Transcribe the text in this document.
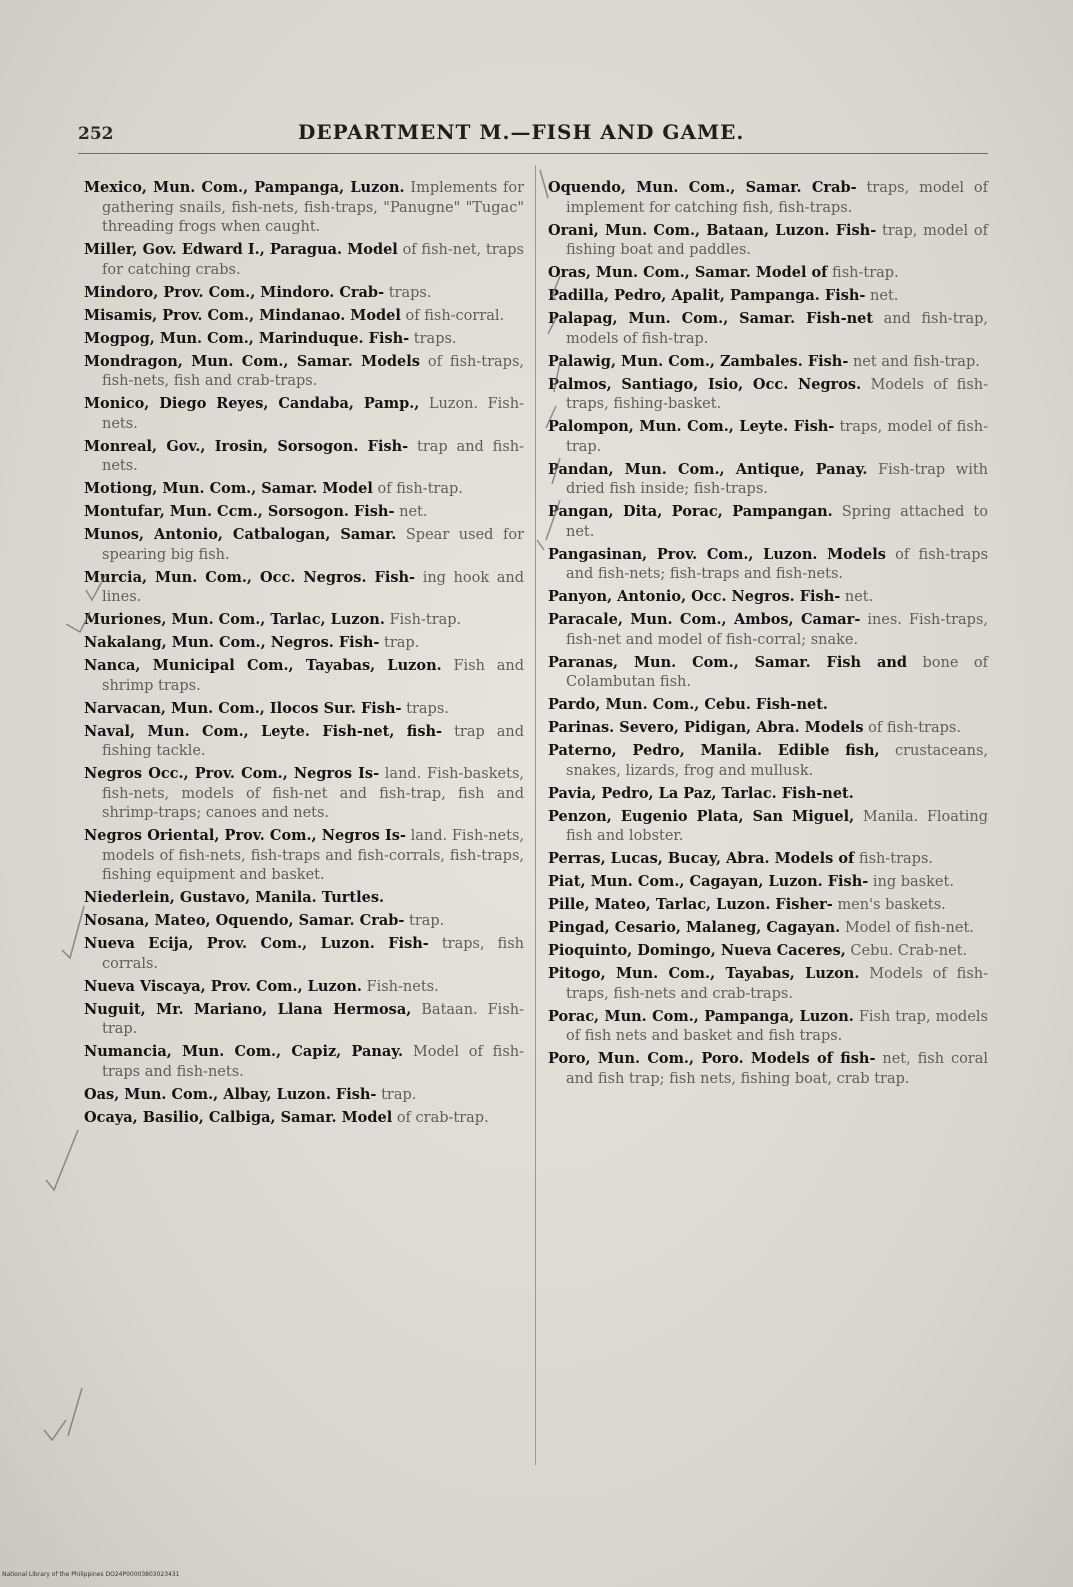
252	DEPARTMENT M.—FISH AND GAME.

Mexico, Mun. Com., Pampanga, Luzon. Implements for gathering snails, fish-nets, fish-traps, "Panugne" "Tugac" threading frogs when caught.

Miller, Gov. Edward I., Paragua. Model of fish-net, traps for catching crabs.

Mindoro, Prov. Com., Mindoro. Crab- traps.

Misamis, Prov. Com., Mindanao. Model of fish-corral.

Mogpog, Mun. Com., Marinduque. Fish- traps.

Mondragon, Mun. Com., Samar. Models of fish-traps, fish-nets, fish and crab-traps.

Monico, Diego Reyes, Candaba, Pamp., Luzon. Fish-nets.

Monreal, Gov., Irosin, Sorsogon. Fish- trap and fish-nets.

Motiong, Mun. Com., Samar. Model of fish-trap.

Montufar, Mun. Ccm., Sorsogon. Fish- net.

Munos, Antonio, Catbalogan, Samar. Spear used for spearing big fish.

Murcia, Mun. Com., Occ. Negros. Fish- ing hook and lines.

Muriones, Mun. Com., Tarlac, Luzon. Fish-trap.

Nakalang, Mun. Com., Negros. Fish- trap.

Nanca, Municipal Com., Tayabas, Luzon. Fish and shrimp traps.

Narvacan, Mun. Com., Ilocos Sur. Fish- traps.

Naval, Mun. Com., Leyte. Fish-net, fish- trap and fishing tackle.

Negros Occ., Prov. Com., Negros Is- land. Fish-baskets, fish-nets, models of fish-net and fish-trap, fish and shrimp-traps; canoes and nets.

Negros Oriental, Prov. Com., Negros Is- land. Fish-nets, models of fish-nets, fish-traps and fish-corrals, fish-traps, fishing equipment and basket.

Niederlein, Gustavo, Manila. Turtles.

Nosana, Mateo, Oquendo, Samar. Crab- trap.

Nueva Ecija, Prov. Com., Luzon. Fish- traps, fish corrals.

Nueva Viscaya, Prov. Com., Luzon. Fish-nets.

Nuguit, Mr. Mariano, Llana Hermosa, Bataan. Fish-trap.

Numancia, Mun. Com., Capiz, Panay. Model of fish-traps and fish-nets.

Oas, Mun. Com., Albay, Luzon. Fish- trap.

Ocaya, Basilio, Calbiga, Samar. Model of crab-trap.

Oquendo, Mun. Com., Samar. Crab- traps, model of implement for catching fish, fish-traps.

Orani, Mun. Com., Bataan, Luzon. Fish- trap, model of fishing boat and paddles.

Oras, Mun. Com., Samar. Model of fish-trap.

Padilla, Pedro, Apalit, Pampanga. Fish- net.

Palapag, Mun. Com., Samar. Fish-net and fish-trap, models of fish-trap.

Palawig, Mun. Com., Zambales. Fish- net and fish-trap.

Palmos, Santiago, Isio, Occ. Negros. Models of fish-traps, fishing-basket.

Palompon, Mun. Com., Leyte. Fish- traps, model of fish-trap.

Pandan, Mun. Com., Antique, Panay. Fish-trap with dried fish inside; fish-traps.

Pangan, Dita, Porac, Pampangan. Spring attached to net.

Pangasinan, Prov. Com., Luzon. Models of fish-traps and fish-nets; fish-traps and fish-nets.

Panyon, Antonio, Occ. Negros. Fish- net.

Paracale, Mun. Com., Ambos, Camar- ines. Fish-traps, fish-net and model of fish-corral; snake.

Paranas, Mun. Com., Samar. Fish and bone of Colambutan fish.

Pardo, Mun. Com., Cebu. Fish-net.

Parinas. Severo, Pidigan, Abra. Models of fish-traps.

Paterno, Pedro, Manila. Edible fish, crustaceans, snakes, lizards, frog and mullusk.

Pavia, Pedro, La Paz, Tarlac. Fish-net.

Penzon, Eugenio Plata, San Miguel, Manila. Floating fish and lobster.

Perras, Lucas, Bucay, Abra. Models of fish-traps.

Piat, Mun. Com., Cagayan, Luzon. Fish- ing basket.

Pille, Mateo, Tarlac, Luzon. Fisher- men's baskets.

Pingad, Cesario, Malaneg, Cagayan. Model of fish-net.

Pioquinto, Domingo, Nueva Caceres, Cebu. Crab-net.

Pitogo, Mun. Com., Tayabas, Luzon. Models of fish-traps, fish-nets and crab-traps.

Porac, Mun. Com., Pampanga, Luzon. Fish trap, models of fish nets and basket and fish traps.

Poro, Mun. Com., Poro. Models of fish- net, fish coral and fish trap; fish nets, fishing boat, crab trap.

National Library of the Philippines DO24P00003803023431
